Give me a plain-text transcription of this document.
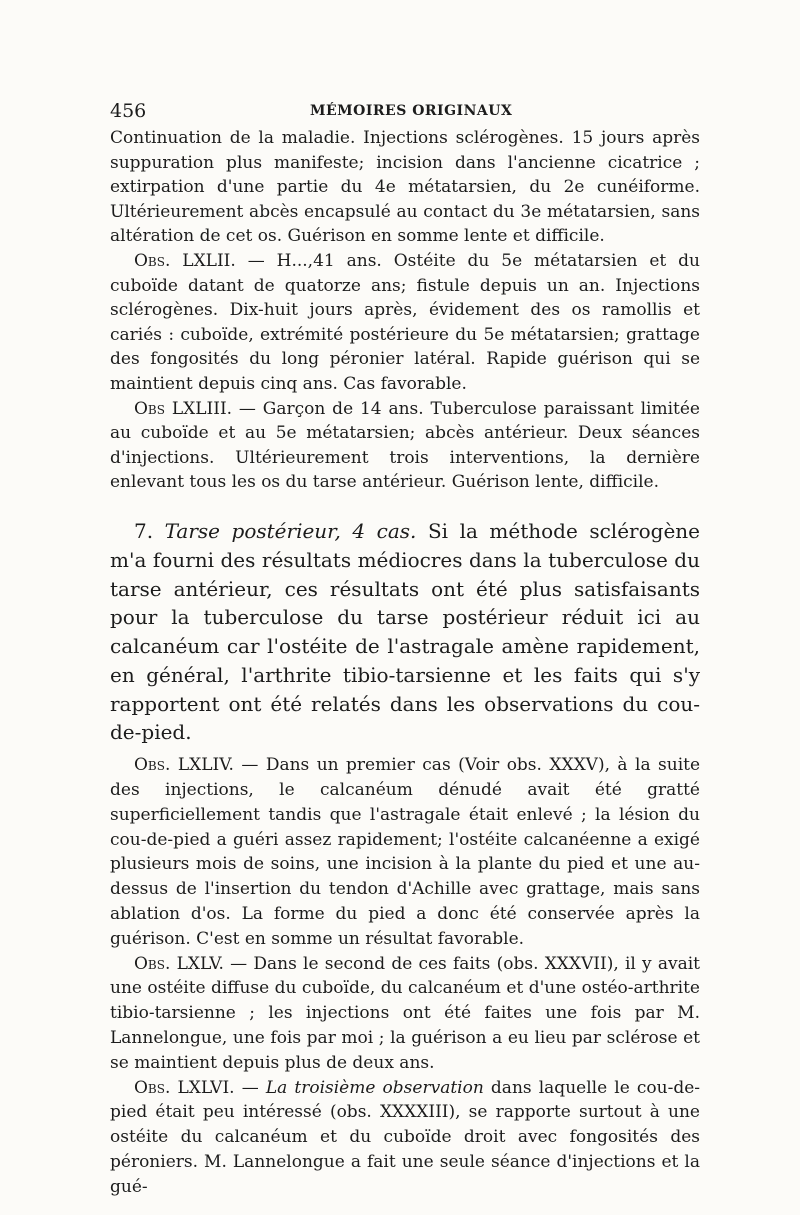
456	MÉMOIRES ORIGINAUX

Continuation de la maladie. Injections sclérogènes. 15 jours après suppuration plus manifeste; incision dans l'ancienne cicatrice ; extirpation d'une partie du 4e métatarsien, du 2e cunéiforme. Ultérieurement abcès encapsulé au contact du 3e métatarsien, sans altération de cet os. Guérison en somme lente et difficile.

Obs. LXLII. — H...,41 ans. Ostéite du 5e métatarsien et du cuboïde datant de quatorze ans; fistule depuis un an. Injections sclérogènes. Dix-huit jours après, évidement des os ramollis et cariés : cuboïde, extrémité postérieure du 5e métatarsien; grattage des fongosités du long péronier latéral. Rapide guérison qui se maintient depuis cinq ans. Cas favorable.

Obs LXLIII. — Garçon de 14 ans. Tuberculose paraissant limitée au cuboïde et au 5e métatarsien; abcès antérieur. Deux séances d'injections. Ultérieurement trois interventions, la dernière enlevant tous les os du tarse antérieur. Guérison lente, difficile.

7. Tarse postérieur, 4 cas. Si la méthode sclérogène m'a fourni des résultats médiocres dans la tuberculose du tarse antérieur, ces résultats ont été plus satisfaisants pour la tuberculose du tarse postérieur réduit ici au calcanéum car l'ostéite de l'astragale amène rapidement, en général, l'arthrite tibio-tarsienne et les faits qui s'y rapportent ont été relatés dans les observations du cou-de-pied.

Obs. LXLIV. — Dans un premier cas (Voir obs. XXXV), à la suite des injections, le calcanéum dénudé avait été gratté superficiellement tandis que l'astragale était enlevé ; la lésion du cou-de-pied a guéri assez rapidement; l'ostéite calcanéenne a exigé plusieurs mois de soins, une incision à la plante du pied et une au-dessus de l'insertion du tendon d'Achille avec grattage, mais sans ablation d'os. La forme du pied a donc été conservée après la guérison. C'est en somme un résultat favorable.

Obs. LXLV. — Dans le second de ces faits (obs. XXXVII), il y avait une ostéite diffuse du cuboïde, du calcanéum et d'une ostéo-arthrite tibio-tarsienne ; les injections ont été faites une fois par M. Lannelongue, une fois par moi ; la guérison a eu lieu par sclérose et se maintient depuis plus de deux ans.

Obs. LXLVI. — La troisième observation dans laquelle le cou-de-pied était peu intéressé (obs. XXXXIII), se rapporte surtout à une ostéite du calcanéum et du cuboïde droit avec fongosités des péroniers. M. Lannelongue a fait une seule séance d'injections et la gué-
